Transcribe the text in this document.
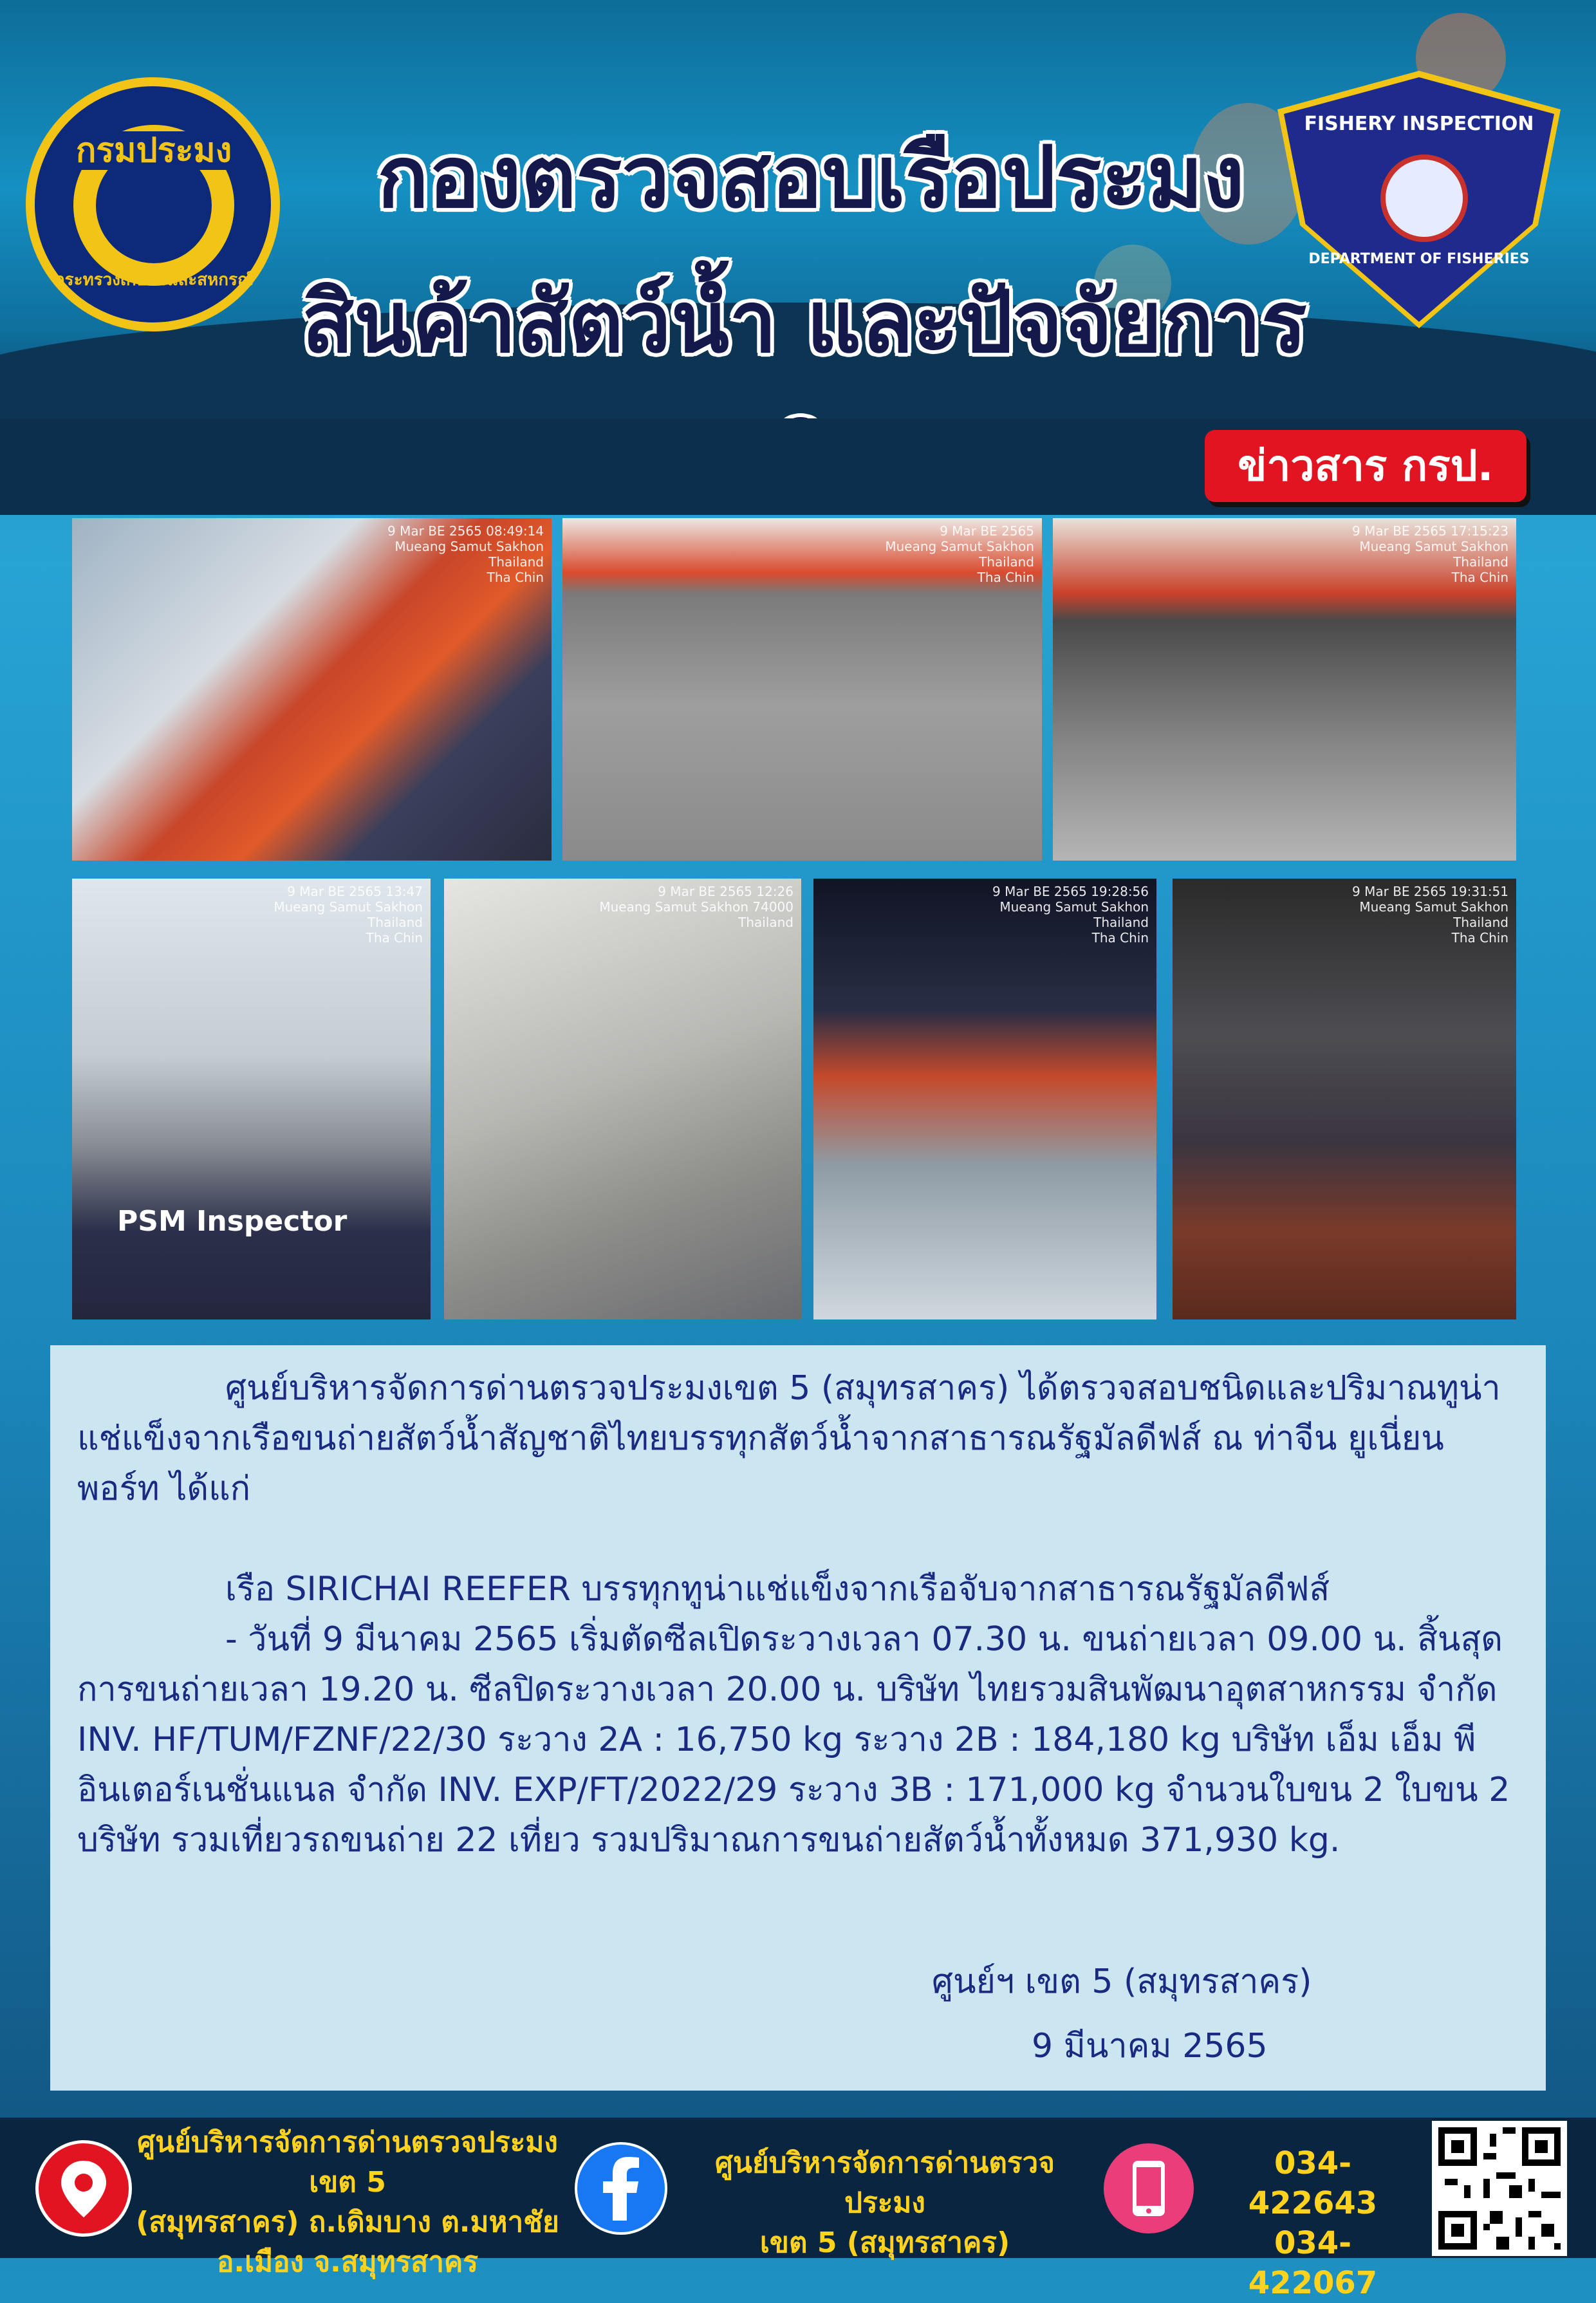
กรมประมง
กระทรวงเกษตรและสหกรณ์
FISHERY INSPECTION
DEPARTMENT OF FISHERIES
กองตรวจสอบเรือประมง
สินค้าสัตว์น้ำ และปัจจัยการ
ข่าวสาร กรป.
9 Mar BE 2565 08:49:14
Mueang Samut Sakhon
Thailand
Tha Chin
9 Mar BE 2565
Mueang Samut Sakhon
Thailand
Tha Chin
9 Mar BE 2565 17:15:23
Mueang Samut Sakhon
Thailand
Tha Chin
9 Mar BE 2565 13:47
Mueang Samut Sakhon
Thailand
Tha Chin
PSM Inspector
9 Mar BE 2565 12:26
Mueang Samut Sakhon 74000
Thailand
9 Mar BE 2565 19:28:56
Mueang Samut Sakhon
Thailand
Tha Chin
9 Mar BE 2565 19:31:51
Mueang Samut Sakhon
Thailand
Tha Chin

ศูนย์บริหารจัดการด่านตรวจประมงเขต 5 (สมุทรสาคร) ได้ตรวจสอบชนิดและปริมาณทูน่าแช่แข็งจากเรือขนถ่ายสัตว์น้ำสัญชาติไทยบรรทุกสัตว์น้ำจากสาธารณรัฐมัลดีฟส์ ณ ท่าจีน ยูเนี่ยน พอร์ท ได้แก่

เรือ SIRICHAI REEFER บรรทุกทูน่าแช่แข็งจากเรือจับจากสาธารณรัฐมัลดีฟส์

- วันที่ 9 มีนาคม 2565 เริ่มตัดซีลเปิดระวางเวลา 07.30 น. ขนถ่ายเวลา 09.00 น. สิ้นสุดการขนถ่ายเวลา 19.20 น. ซีลปิดระวางเวลา 20.00 น. บริษัท ไทยรวมสินพัฒนาอุตสาหกรรม จำกัด INV. HF/TUM/FZNF/22/30 ระวาง 2A : 16,750 kg ระวาง 2B : 184,180 kg บริษัท เอ็ม เอ็ม พี อินเตอร์เนชั่นแนล จำกัด INV. EXP/FT/2022/29 ระวาง 3B : 171,000 kg จำนวนใบขน 2 ใบขน 2 บริษัท รวมเที่ยวรถขนถ่าย 22 เที่ยว รวมปริมาณการขนถ่ายสัตว์น้ำทั้งหมด 371,930 kg.

ศูนย์ฯ เขต 5 (สมุทรสาคร)

9 มีนาคม 2565

ศูนย์บริหารจัดการด่านตรวจประมง เขต 5
(สมุทรสาคร) ถ.เดิมบาง ต.มหาชัย
อ.เมือง จ.สมุทรสาคร
ศูนย์บริหารจัดการด่านตรวจประมง
เขต 5 (สมุทรสาคร)
034-422643
034-422067
